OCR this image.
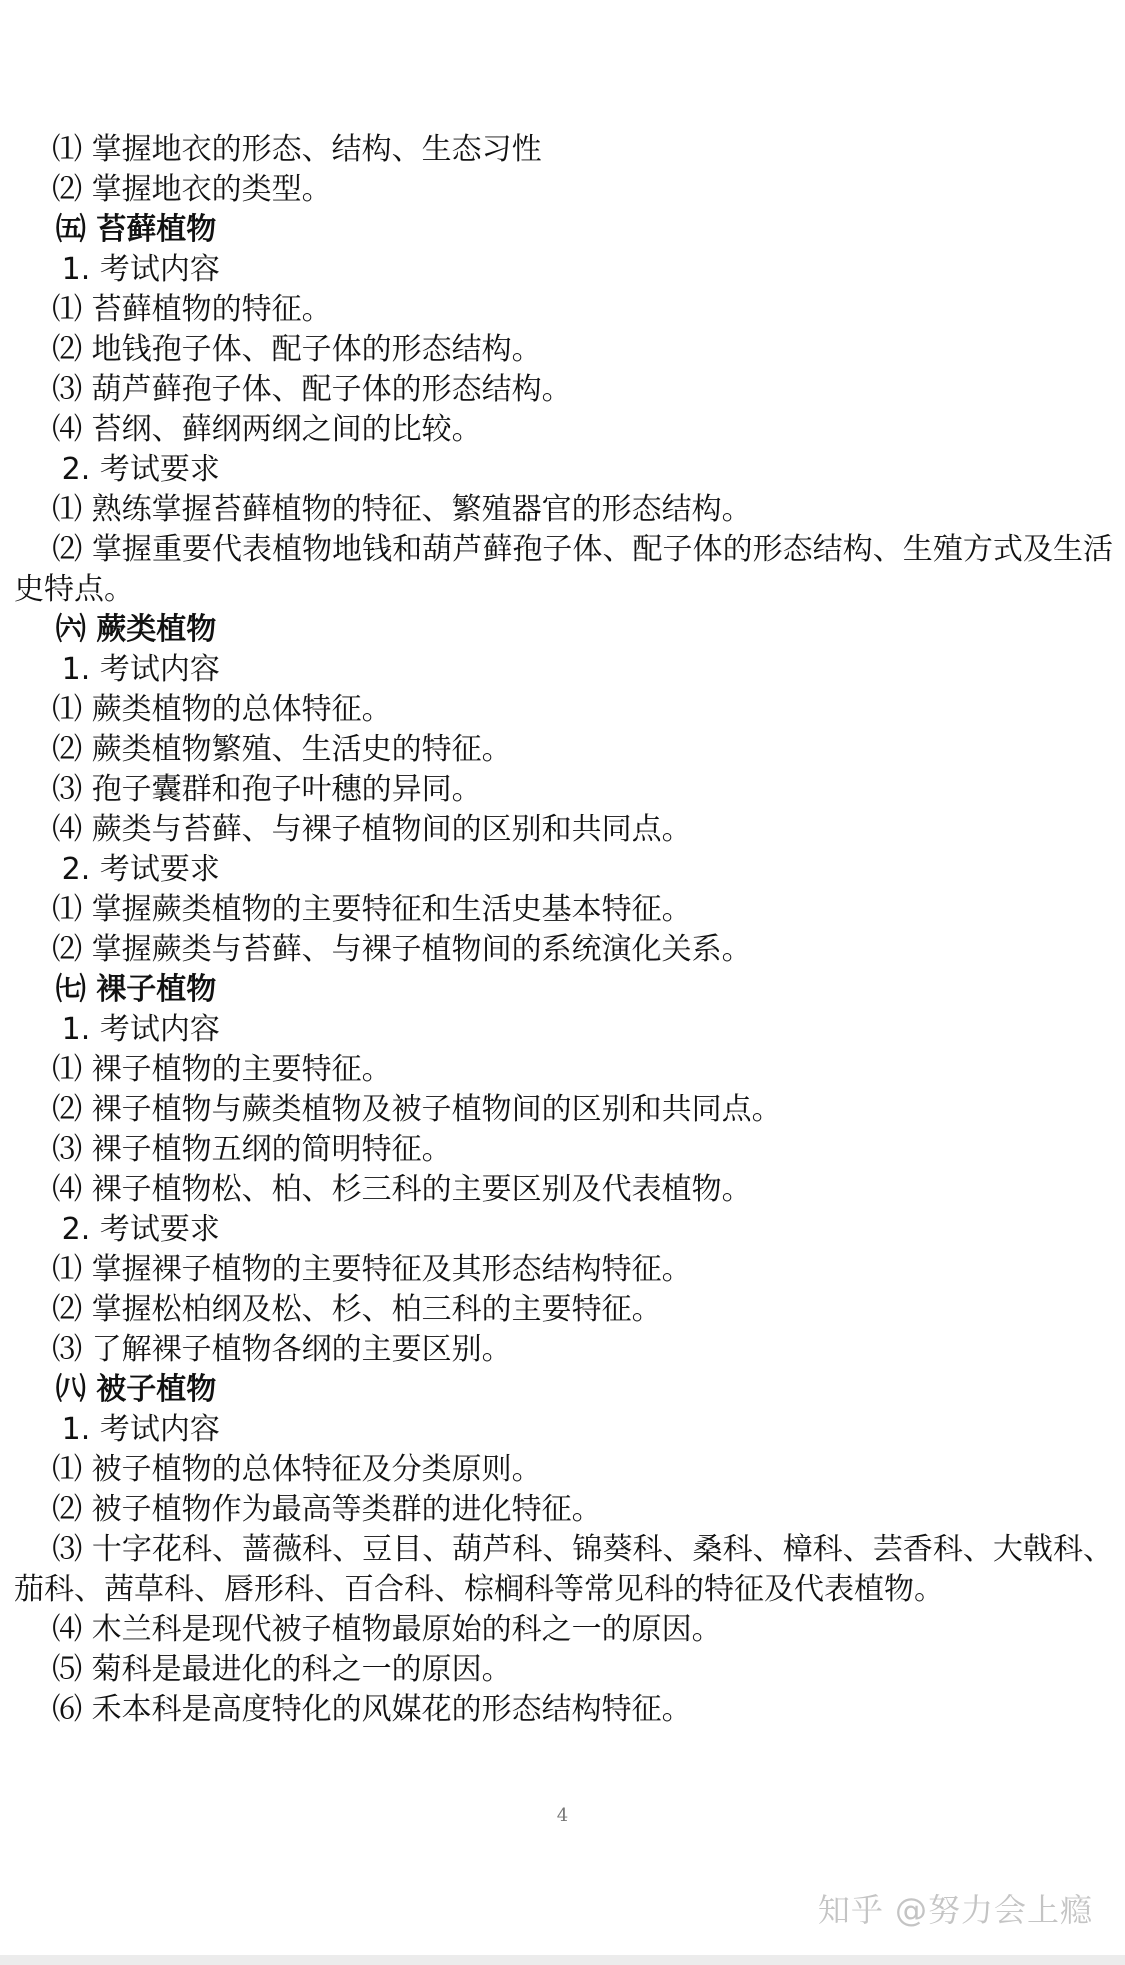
⑴ 掌握地衣的形态、结构、生态习性
⑵ 掌握地衣的类型。
㈤ 苔藓植物
1. 考试内容
⑴ 苔藓植物的特征。
⑵ 地钱孢子体、配子体的形态结构。
⑶ 葫芦藓孢子体、配子体的形态结构。
⑷ 苔纲、藓纲两纲之间的比较。
2. 考试要求
⑴ 熟练掌握苔藓植物的特征、繁殖器官的形态结构。
⑵ 掌握重要代表植物地钱和葫芦藓孢子体、配子体的形态结构、生殖方式及生活史特点。
㈥ 蕨类植物
1. 考试内容
⑴ 蕨类植物的总体特征。
⑵ 蕨类植物繁殖、生活史的特征。
⑶ 孢子囊群和孢子叶穗的异同。
⑷ 蕨类与苔藓、与裸子植物间的区别和共同点。
2. 考试要求
⑴ 掌握蕨类植物的主要特征和生活史基本特征。
⑵ 掌握蕨类与苔藓、与裸子植物间的系统演化关系。
㈦ 裸子植物
1. 考试内容
⑴ 裸子植物的主要特征。
⑵ 裸子植物与蕨类植物及被子植物间的区别和共同点。
⑶ 裸子植物五纲的简明特征。
⑷ 裸子植物松、柏、杉三科的主要区别及代表植物。
2. 考试要求
⑴ 掌握裸子植物的主要特征及其形态结构特征。
⑵ 掌握松柏纲及松、杉、柏三科的主要特征。
⑶ 了解裸子植物各纲的主要区别。
㈧ 被子植物
1. 考试内容
⑴ 被子植物的总体特征及分类原则。
⑵ 被子植物作为最高等类群的进化特征。
⑶ 十字花科、蔷薇科、豆目、葫芦科、锦葵科、桑科、樟科、芸香科、大戟科、茄科、茜草科、唇形科、百合科、棕榈科等常见科的特征及代表植物。
⑷ 木兰科是现代被子植物最原始的科之一的原因。
⑸ 菊科是最进化的科之一的原因。
⑹ 禾本科是高度特化的风媒花的形态结构特征。
4
知乎 @努力会上瘾
